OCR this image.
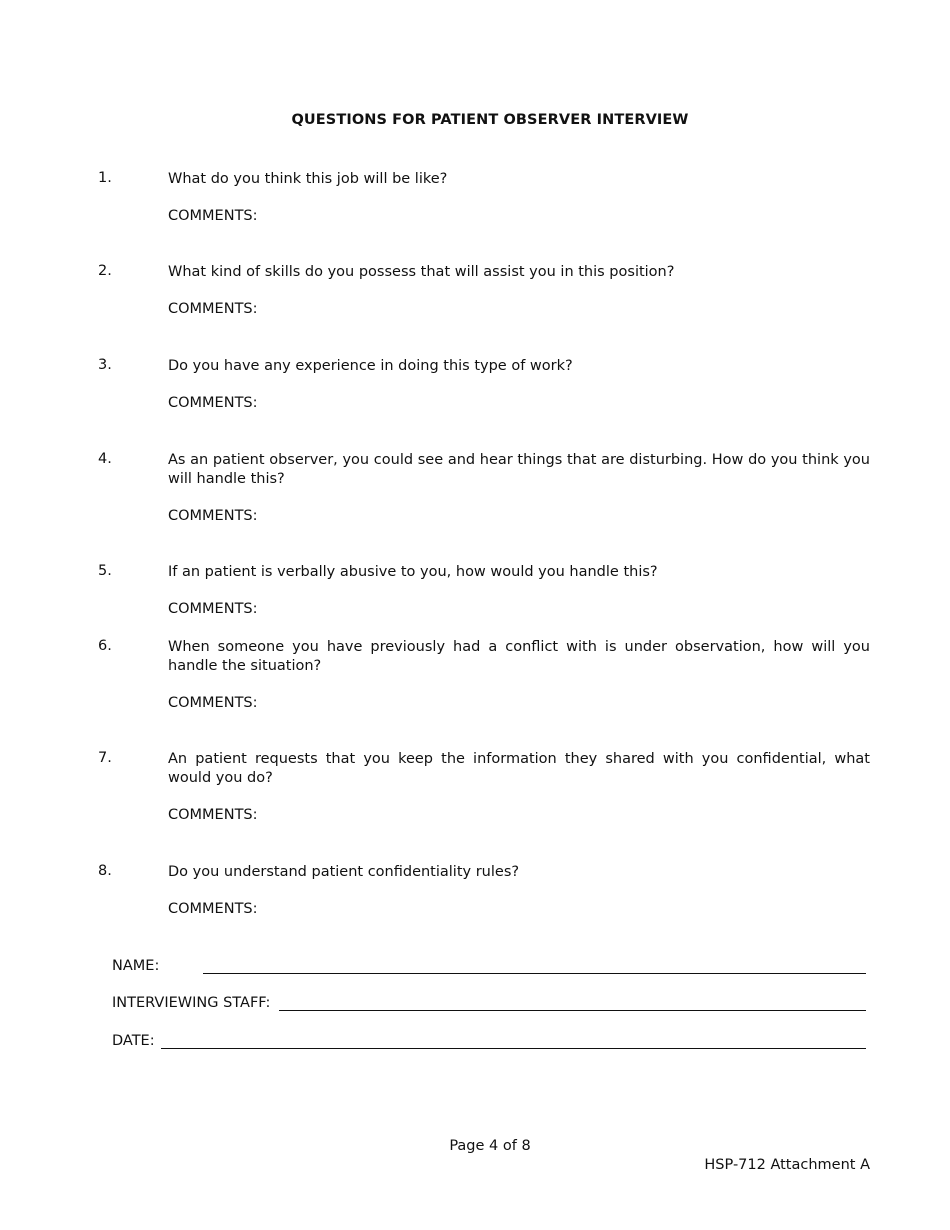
QUESTIONS FOR PATIENT OBSERVER INTERVIEW
1.	What do you think this job will be like?
COMMENTS:
2.	What kind of skills do you possess that will assist you in this position?
COMMENTS:
3.	Do you have any experience in doing this type of work?
COMMENTS:
4.	As an patient observer, you could see and hear things that are disturbing. How do you think you will handle this?
COMMENTS:
5.	If an patient is verbally abusive to you, how would you handle this?
COMMENTS:
6.	When someone you have previously had a conflict with is under observation, how will you handle the situation?
COMMENTS:
7.	An patient requests that you keep the information they shared with you confidential, what would you do?
COMMENTS:
8.	Do you understand patient confidentiality rules?
COMMENTS:
NAME:
INTERVIEWING STAFF:
DATE:
Page 4 of 8
HSP-712 Attachment A
